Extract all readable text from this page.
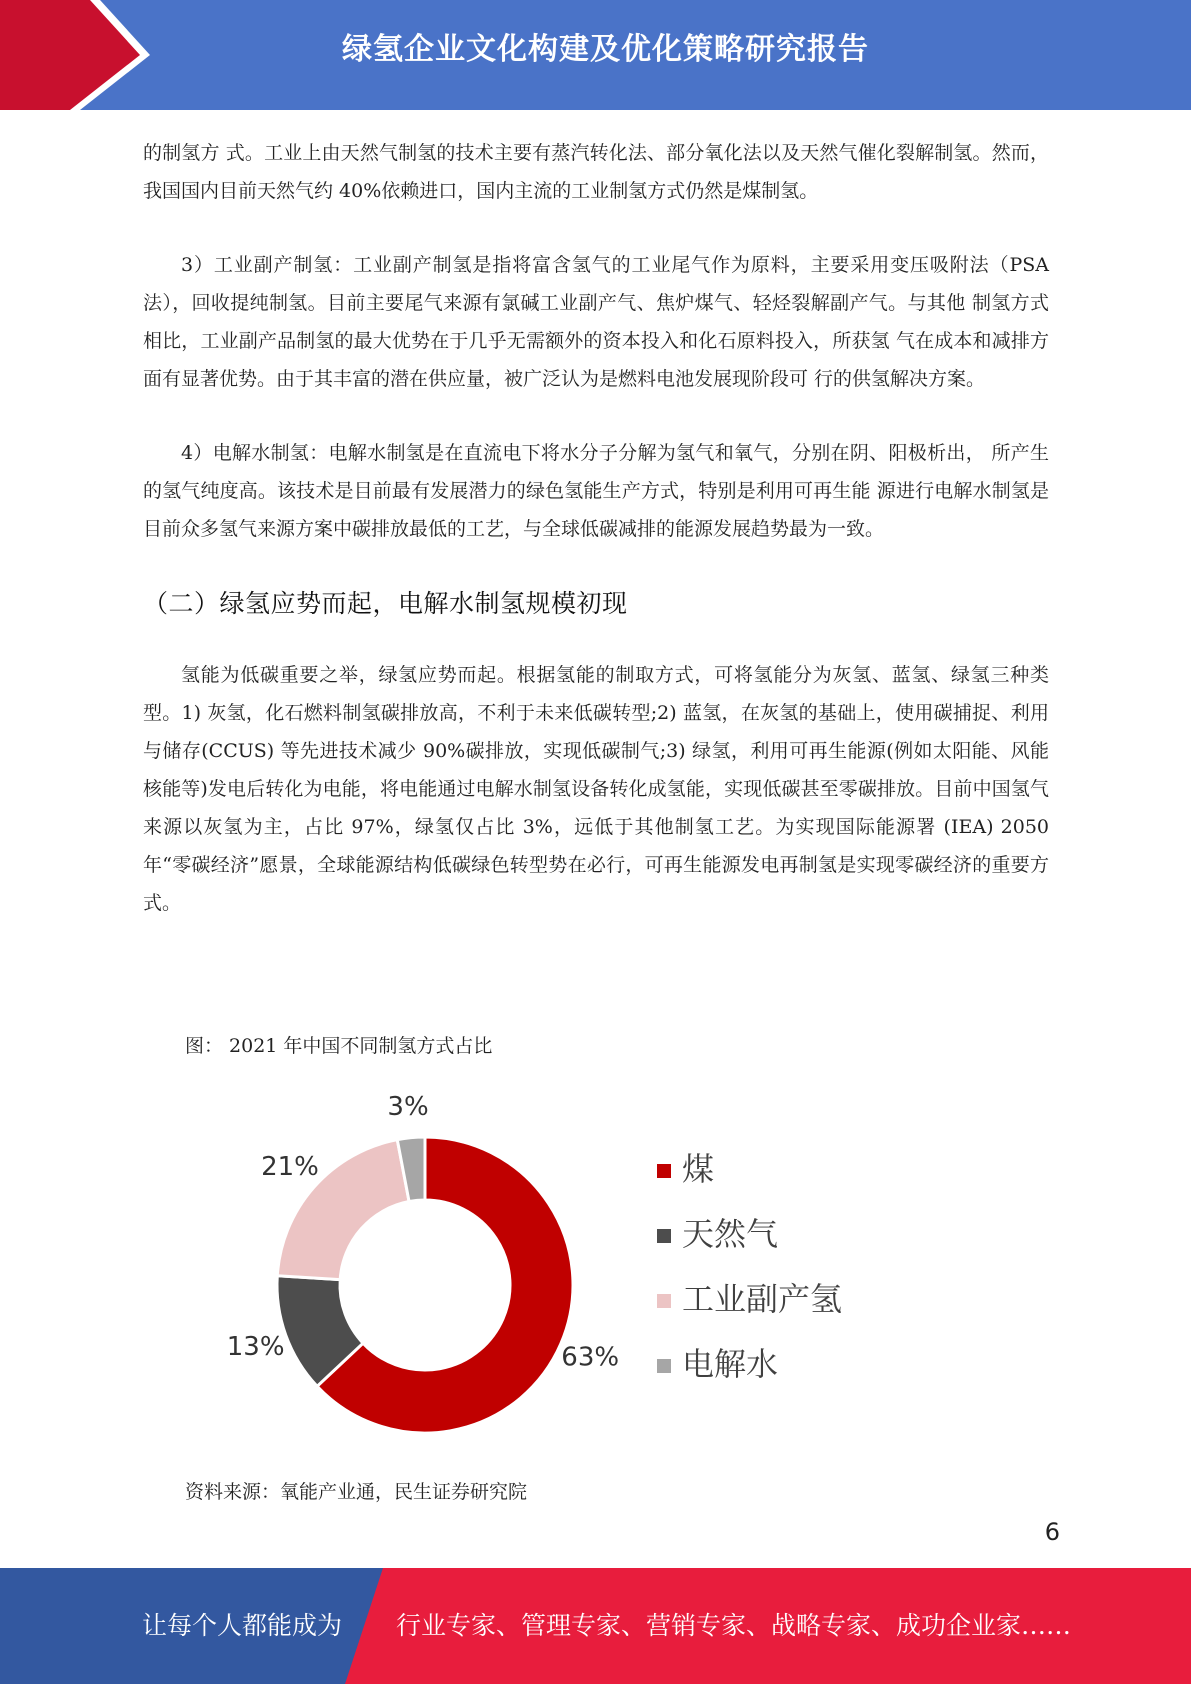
绿氢企业文化构建及优化策略研究报告

的制氢方 式。工业上由天然气制氢的技术主要有蒸汽转化法、部分氧化法以及天然气催化裂解制氢。然而， 我国国内目前天然气约 40%依赖进口，国内主流的工业制氢方式仍然是煤制氢。

3）工业副产制氢：工业副产制氢是指将富含氢气的工业尾气作为原料，主要采用变压吸附法（PSA 法），回收提纯制氢。目前主要尾气来源有氯碱工业副产气、焦炉煤气、轻烃裂解副产气。与其他 制氢方式相比，工业副产品制氢的最大优势在于几乎无需额外的资本投入和化石原料投入，所获氢 气在成本和减排方面有显著优势。由于其丰富的潜在供应量，被广泛认为是燃料电池发展现阶段可 行的供氢解决方案。

4）电解水制氢：电解水制氢是在直流电下将水分子分解为氢气和氧气，分别在阴、阳极析出， 所产生的氢气纯度高。该技术是目前最有发展潜力的绿色氢能生产方式，特别是利用可再生能 源进行电解水制氢是目前众多氢气来源方案中碳排放最低的工艺，与全球低碳减排的能源发展趋势最为一致。

（二）绿氢应势而起，电解水制氢规模初现

氢能为低碳重要之举，绿氢应势而起。根据氢能的制取方式，可将氢能分为灰氢、蓝氢、绿氢三种类型。1) 灰氢，化石燃料制氢碳排放高，不利于未来低碳转型;2) 蓝氢，在灰氢的基础上，使用碳捕捉、利用与储存(CCUS) 等先进技术减少 90%碳排放，实现低碳制气;3) 绿氢，利用可再生能源(例如太阳能、风能核能等)发电后转化为电能，将电能通过电解水制氢设备转化成氢能，实现低碳甚至零碳排放。目前中国氢气来源以灰氢为主，占比 97%，绿氢仅占比 3%，远低于其他制氢工艺。为实现国际能源署 (IEA) 2050 年“零碳经济”愿景，全球能源结构低碳绿色转型势在必行，可再生能源发电再制氢是实现零碳经济的重要方式。

图： 2021 年中国不同制氢方式占比
63%
13%
21%
3%
煤
天然气
工业副产氢
电解水
资料来源：氧能产业通，民生证券研究院
6
让每个人都能成为 行业专家、管理专家、营销专家、战略专家、成功企业家……
